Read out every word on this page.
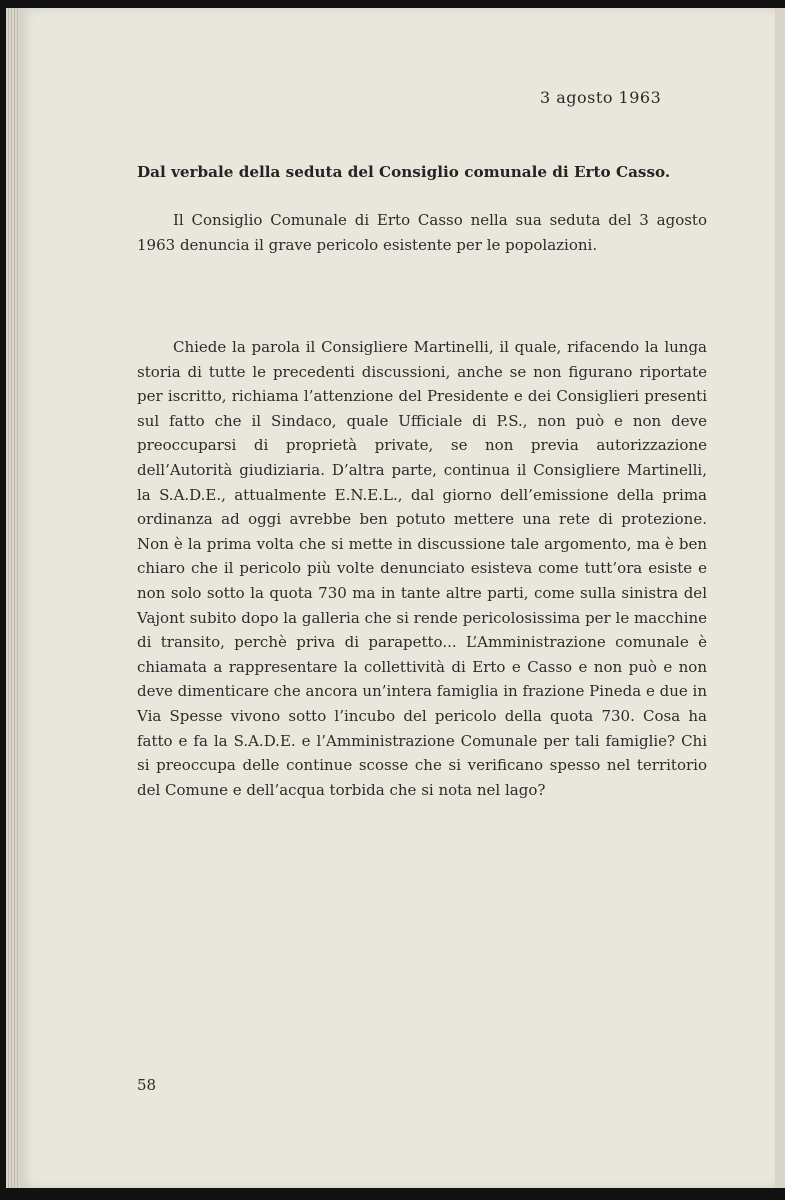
3 agosto 1963
Dal verbale della seduta del Consiglio comunale di Erto Casso.

Il Consiglio Comunale di Erto Casso nella sua seduta del 3 agosto 1963 denuncia il grave pericolo esistente per le popolazioni.

Chiede la parola il Consigliere Martinelli, il quale, rifacendo la lunga storia di tutte le precedenti discussioni, anche se non figurano riportate per iscritto, richiama l’attenzione del Presidente e dei Consiglieri presenti sul fatto che il Sindaco, quale Ufficiale di P.S., non può e non deve preoccuparsi di proprietà private, se non previa autorizzazione dell’Autorità giudiziaria. D’altra parte, continua il Consigliere Martinelli, la S.A.D.E., attualmente E.N.E.L., dal giorno dell’emissione della prima ordinanza ad oggi avrebbe ben potuto mettere una rete di protezione. Non è la prima volta che si mette in discussione tale argomento, ma è ben chiaro che il pericolo più volte denunciato esisteva come tutt’ora esiste e non solo sotto la quota 730 ma in tante altre parti, come sulla sinistra del Vajont subito dopo la galleria che si rende pericolosissima per le macchine di transito, perchè priva di parapetto... L’Amministrazione comunale è chiamata a rappresentare la collettività di Erto e Casso e non può e non deve dimenticare che ancora un’intera famiglia in frazione Pineda e due in Via Spesse vivono sotto l’incubo del pericolo della quota 730. Cosa ha fatto e fa la S.A.D.E. e l’Amministrazione Comunale per tali famiglie? Chi si preoccupa delle continue scosse che si verificano spesso nel territorio del Comune e dell’acqua torbida che si nota nel lago?

58
